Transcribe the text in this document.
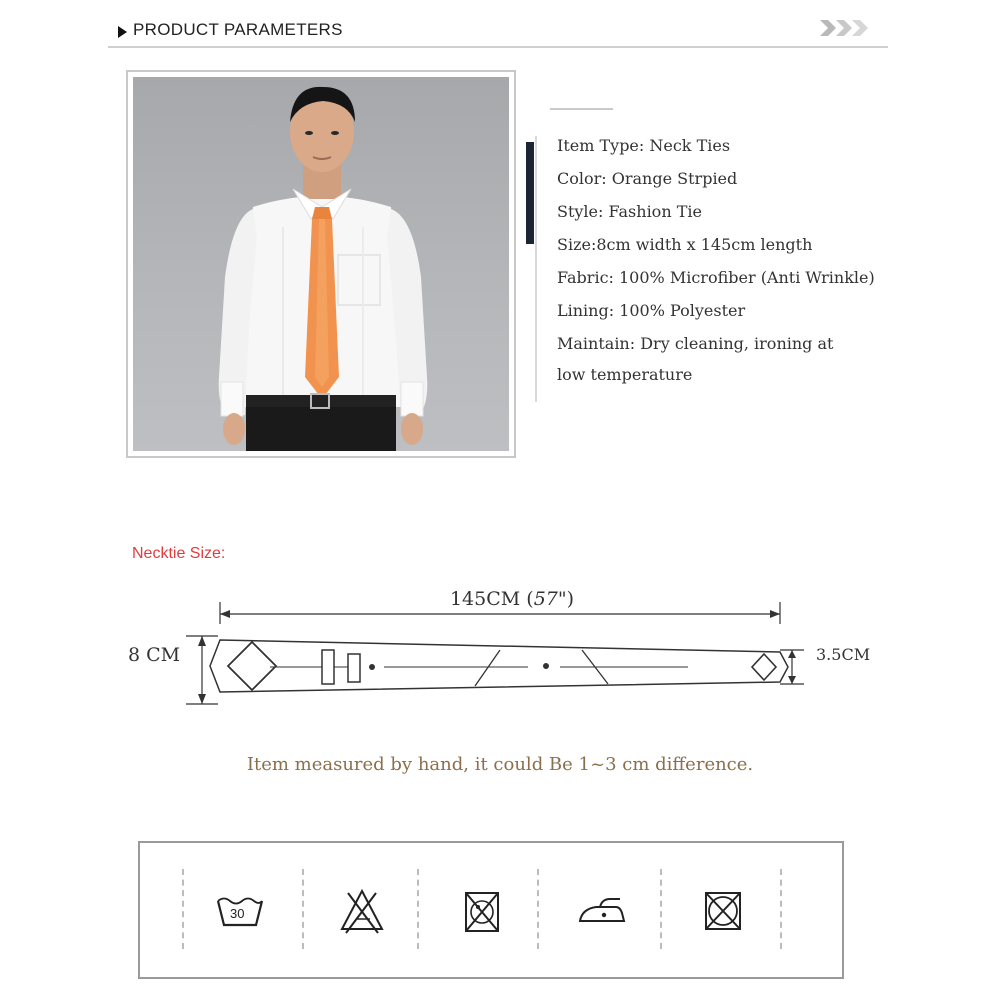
PRODUCT PARAMETERS
Item Type: Neck Ties
Color: Orange Strpied
Style: Fashion Tie
Size:8cm width x 145cm length
Fabric: 100% Microfiber (Anti Wrinkle)
Lining: 100% Polyester
Maintain: Dry cleaning, ironing at
low temperature
Necktie Size:
145CM (57")
8 CM	3.5CM
Item measured by hand, it could Be 1~3 cm difference.
30
